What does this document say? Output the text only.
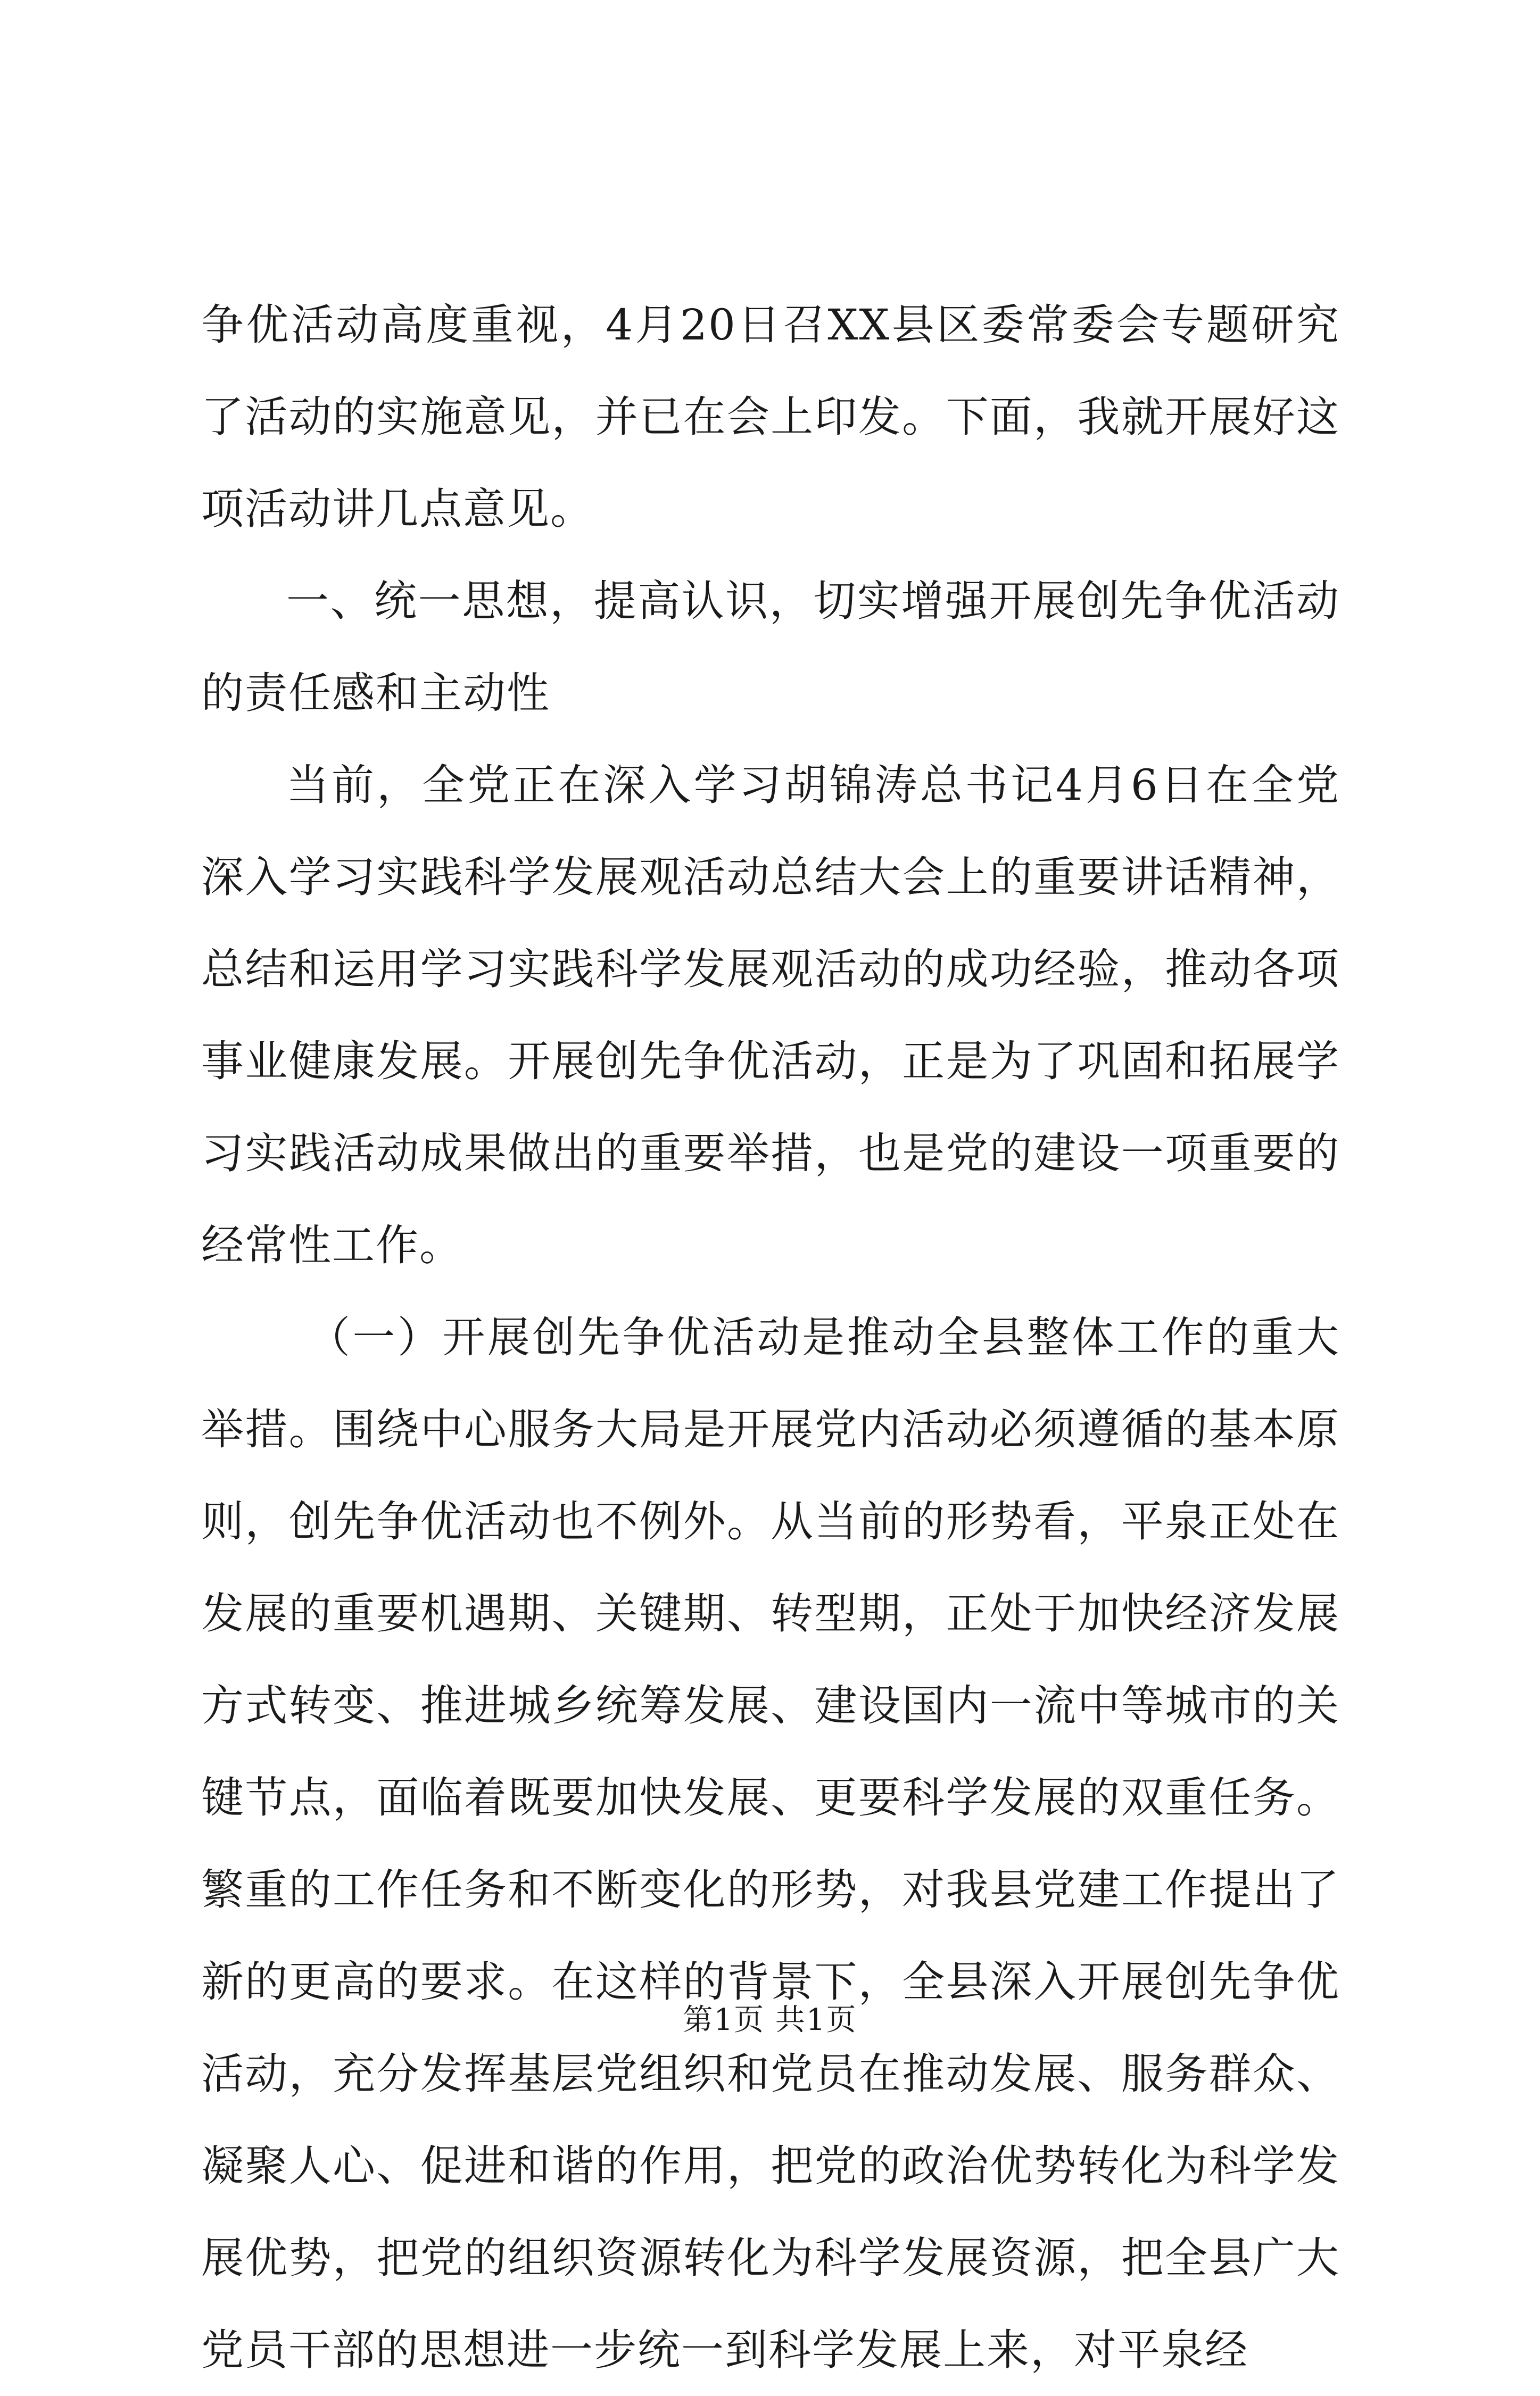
争优活动高度重视，4月20日召XX县区委常委会专题研究了活动的实施意见，并已在会上印发。下面，我就开展好这项活动讲几点意见。

一、统一思想，提高认识，切实增强开展创先争优活动的责任感和主动性

当前，全党正在深入学习胡锦涛总书记4月6日在全党深入学习实践科学发展观活动总结大会上的重要讲话精神，总结和运用学习实践科学发展观活动的成功经验，推动各项事业健康发展。开展创先争优活动，正是为了巩固和拓展学习实践活动成果做出的重要举措，也是党的建设一项重要的经常性工作。

（一）开展创先争优活动是推动全县整体工作的重大举措。围绕中心服务大局是开展党内活动必须遵循的基本原则，创先争优活动也不例外。从当前的形势看，平泉正处在发展的重要机遇期、关键期、转型期，正处于加快经济发展方式转变、推进城乡统筹发展、建设国内一流中等城市的关键节点，面临着既要加快发展、更要科学发展的双重任务。繁重的工作任务和不断变化的形势，对我县党建工作提出了新的更高的要求。在这样的背景下，全县深入开展创先争优活动，充分发挥基层党组织和党员在推动发展、服务群众、凝聚人心、促进和谐的作用，把党的政治优势转化为科学发展优势，把党的组织资源转化为科学发展资源，把全县广大党员干部的思想进一步统一到科学发展上来，对平泉经

第1页 共1页
